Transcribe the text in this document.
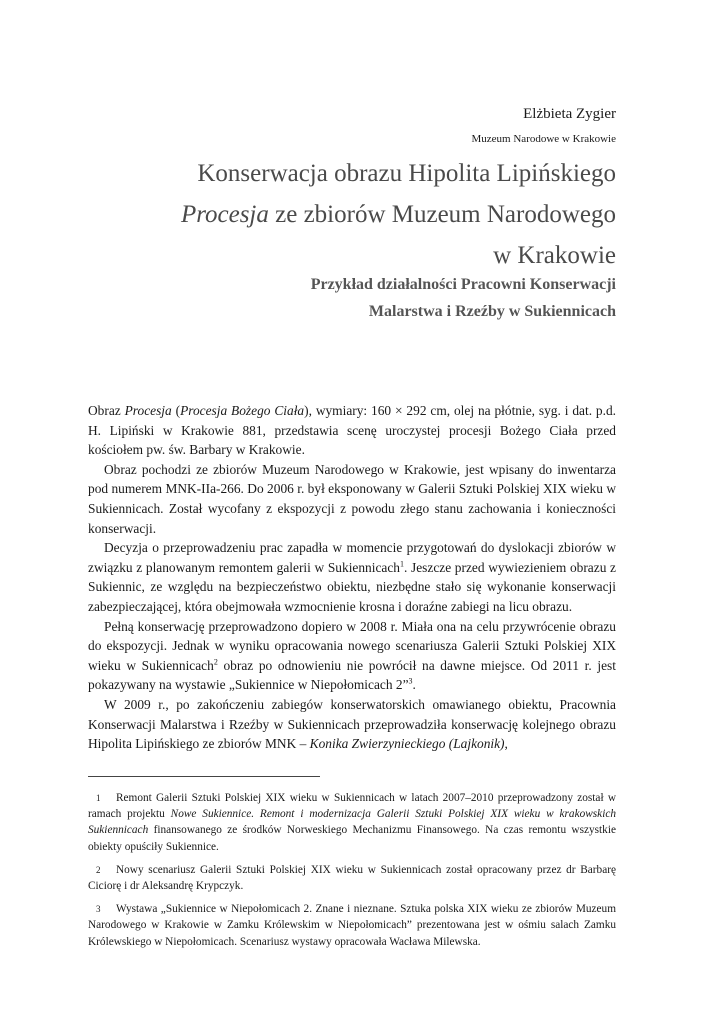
Elżbieta Zygier
Muzeum Narodowe w Krakowie
Konserwacja obrazu Hipolita Lipińskiego
Procesja ze zbiorów Muzeum Narodowego
w Krakowie
Przykład działalności Pracowni Konserwacji
Malarstwa i Rzeźby w Sukiennicach

Obraz Procesja (Procesja Bożego Ciała), wymiary: 160 × 292 cm, olej na płótnie, syg. i dat. p.d. H. Lipiński w Krakowie 881, przedstawia scenę uroczystej procesji Bożego Ciała przed kościołem pw. św. Barbary w Krakowie.

Obraz pochodzi ze zbiorów Muzeum Narodowego w Krakowie, jest wpisany do inwentarza pod numerem MNK-IIa-266. Do 2006 r. był eksponowany w Galerii Sztuki Polskiej XIX wieku w Sukiennicach. Został wycofany z ekspozycji z powodu złego stanu zachowania i konieczności konserwacji.

Decyzja o przeprowadzeniu prac zapadła w momencie przygotowań do dyslokacji zbiorów w związku z planowanym remontem galerii w Sukiennicach$^1$. Jeszcze przed wywiezieniem obrazu z Sukiennic, ze względu na bezpieczeństwo obiektu, niezbędne stało się wykonanie konserwacji zabezpieczającej, która obejmowała wzmocnienie krosna i doraźne zabiegi na licu obrazu.

Pełną konserwację przeprowadzono dopiero w 2008 r. Miała ona na celu przywrócenie obrazu do ekspozycji. Jednak w wyniku opracowania nowego scenariusza Galerii Sztuki Polskiej XIX wieku w Sukiennicach$^2$ obraz po odnowieniu nie powrócił na dawne miejsce. Od 2011 r. jest pokazywany na wystawie „Sukiennice w Niepołomicach 2”$^3$.

W 2009 r., po zakończeniu zabiegów konserwatorskich omawianego obiektu, Pracownia Konserwacji Malarstwa i Rzeźby w Sukiennicach przeprowadziła konserwację kolejnego obrazu Hipolita Lipińskiego ze zbiorów MNK – Konika Zwierzynieckiego (Lajkonik),

1 Remont Galerii Sztuki Polskiej XIX wieku w Sukiennicach w latach 2007–2010 przeprowadzony został w ramach projektu Nowe Sukiennice. Remont i modernizacja Galerii Sztuki Polskiej XIX wieku w krakowskich Sukiennicach finansowanego ze środków Norweskiego Mechanizmu Finansowego. Na czas remontu wszystkie obiekty opuściły Sukiennice.

2 Nowy scenariusz Galerii Sztuki Polskiej XIX wieku w Sukiennicach został opracowany przez dr Barbarę Ciciorę i dr Aleksandrę Krypczyk.

3 Wystawa „Sukiennice w Niepołomicach 2. Znane i nieznane. Sztuka polska XIX wieku ze zbiorów Muzeum Narodowego w Krakowie w Zamku Królewskim w Niepołomicach” prezentowana jest w ośmiu salach Zamku Królewskiego w Niepołomicach. Scenariusz wystawy opracowała Wacława Milewska.
